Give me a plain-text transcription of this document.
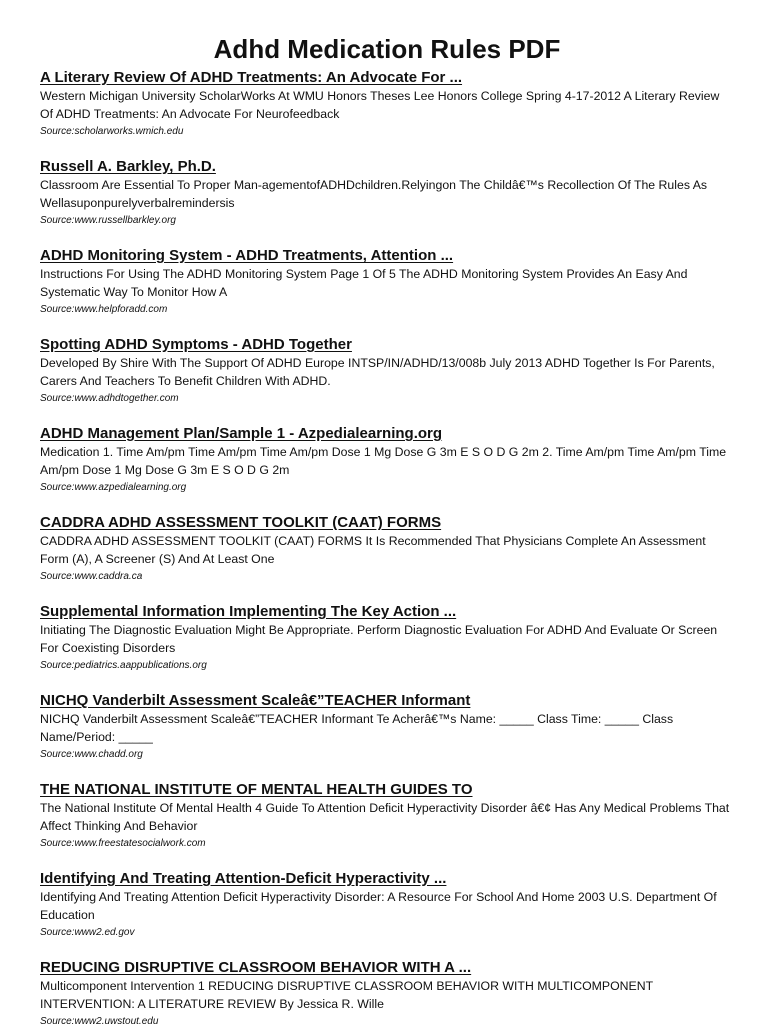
Adhd Medication Rules PDF
A Literary Review Of ADHD Treatments: An Advocate For ...
Western Michigan University ScholarWorks At WMU Honors Theses Lee Honors College Spring 4-17-2012 A Literary Review Of ADHD Treatments: An Advocate For Neurofeedback
Source:scholarworks.wmich.edu
Russell A. Barkley, Ph.D.
Classroom Are Essential To Proper Man-agementofADHDchildren.Relyingon The Childâ€™s Recollection Of The Rules As Wellasuponpurelyverbalremindersis
Source:www.russellbarkley.org
ADHD Monitoring System - ADHD Treatments, Attention ...
Instructions For Using The ADHD Monitoring System Page 1 Of 5 The ADHD Monitoring System Provides An Easy And Systematic Way To Monitor How A
Source:www.helpforadd.com
Spotting ADHD Symptoms - ADHD Together
Developed By Shire With The Support Of ADHD Europe INTSP/IN/ADHD/13/008b July 2013 ADHD Together Is For Parents, Carers And Teachers To Benefit Children With ADHD.
Source:www.adhdtogether.com
ADHD Management Plan/Sample 1 - Azpedialearning.org
Medication 1. Time Am/pm Time Am/pm Time Am/pm Dose 1 Mg Dose G 3m E S O D G 2m 2. Time Am/pm Time Am/pm Time Am/pm Dose 1 Mg Dose G 3m E S O D G 2m
Source:www.azpedialearning.org
CADDRA ADHD ASSESSMENT TOOLKIT (CAAT) FORMS
CADDRA ADHD ASSESSMENT TOOLKIT (CAAT) FORMS It Is Recommended That Physicians Complete An Assessment Form (A), A Screener (S) And At Least One
Source:www.caddra.ca
Supplemental Information Implementing The Key Action ...
Initiating The Diagnostic Evaluation Might Be Appropriate. Perform Diagnostic Evaluation For ADHD And Evaluate Or Screen For Coexisting Disorders
Source:pediatrics.aappublications.org
NICHQ Vanderbilt Assessment Scaleâ€”TEACHER Informant
NICHQ Vanderbilt Assessment Scaleâ€”TEACHER Informant Te Acherâ€™s Name: _____ Class Time: _____ Class Name/Period: _____
Source:www.chadd.org
THE NATIONAL INSTITUTE OF MENTAL HEALTH GUIDES TO
The National Institute Of Mental Health 4 Guide To Attention Deficit Hyperactivity Disorder â€¢ Has Any Medical Problems That Affect Thinking And Behavior
Source:www.freestatesocialwork.com
Identifying And Treating Attention-Deficit Hyperactivity ...
Identifying And Treating Attention Deficit Hyperactivity Disorder: A Resource For School And Home 2003 U.S. Department Of Education
Source:www2.ed.gov
REDUCING DISRUPTIVE CLASSROOM BEHAVIOR WITH A ...
Multicomponent Intervention 1 REDUCING DISRUPTIVE CLASSROOM BEHAVIOR WITH MULTICOMPONENT INTERVENTION: A LITERATURE REVIEW By Jessica R. Wille
Source:www2.uwstout.edu
